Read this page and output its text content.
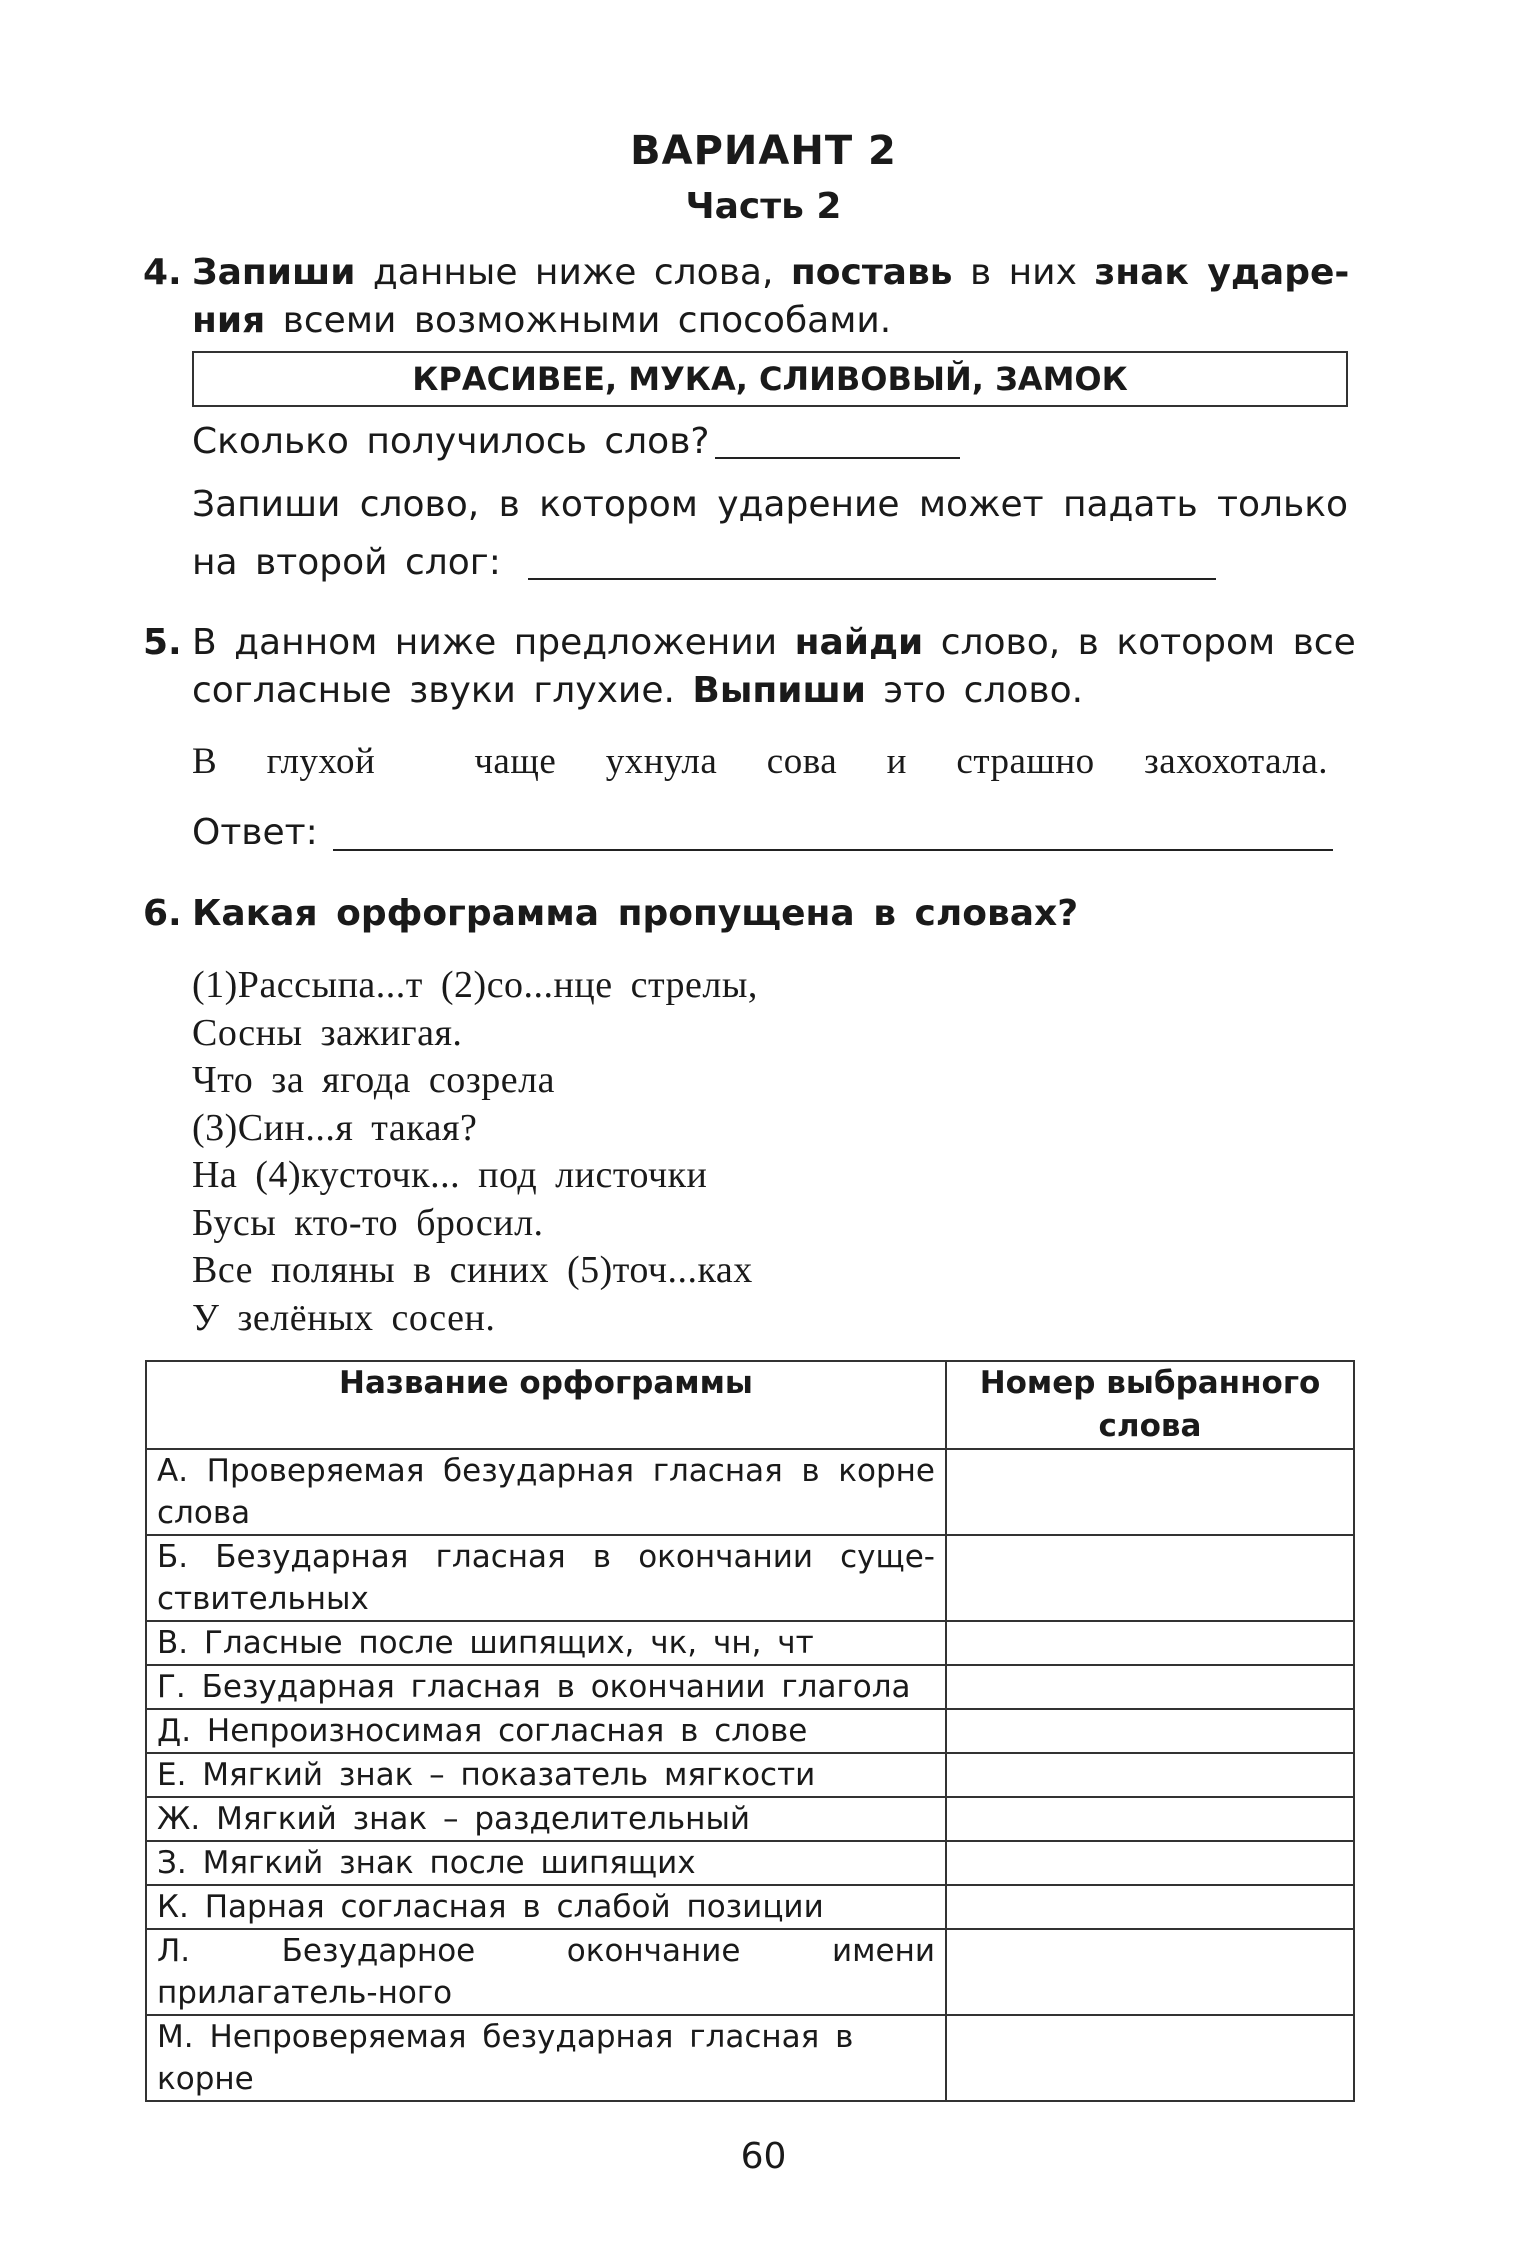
ВАРИАНТ 2
Часть 2
4. Запиши данные ниже слова, поставь в них знак ударе-
ния всеми возможными способами.
КРАСИВЕЕ, МУКА, СЛИВОВЫЙ, ЗАМОК
Сколько получилось слов?
Запиши слово, в котором ударение может падать только
на второй слог:
5. В данном ниже предложении найди слово, в котором все
согласные звуки глухие. Выпиши это слово.
В глухой  чаще ухнула сова и страшно захохотала.
Ответ:
6. Какая орфограмма пропущена в словах?
(1)Рассыпа...т (2)со...нце стрелы,
Сосны зажигая.
Что за ягода созрела
(3)Син...я такая?
На (4)кусточк... под листочки
Бусы кто-то бросил.
Все поляны в синих (5)точ...ках
У зелёных сосен.
Название орфограммы	Номер выбранного слова

А. Проверяемая безударная гласная в корне слова	

Б. Безударная гласная в окончании суще-ствительных	

В. Гласные после шипящих, чк, чн, чт	

Г. Безударная гласная в окончании глагола	

Д. Непроизносимая согласная в слове	

Е. Мягкий знак – показатель мягкости	

Ж. Мягкий знак – разделительный	

З. Мягкий знак после шипящих	

К. Парная согласная в слабой позиции	

Л. Безударное окончание имени прилагатель-ного	

М. Непроверяемая безударная гласная в корне	

60
